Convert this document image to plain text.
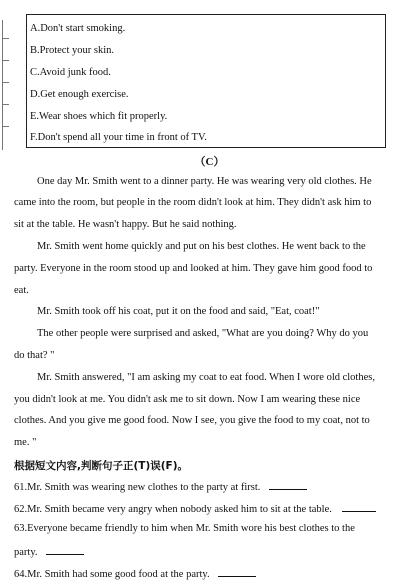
A.Don't start smoking.
B.Protect your skin.
C.Avoid junk food.
D.Get enough exercise.
E.Wear shoes which fit properly.
F.Don't spend all your time in front of TV.
（C）
One day Mr. Smith went to a dinner party. He was wearing very old clothes. He
came into the room, but people in the room didn't look at him. They didn't ask him to
sit at the table. He wasn't happy. But he said nothing.
Mr. Smith went home quickly and put on his best clothes. He went back to the
party. Everyone in the room stood up and looked at him. They gave him good food to
eat.
Mr. Smith took off his coat, put it on the food and said, "Eat, coat!"
The other people were surprised and asked, "What are you doing? Why do you
do that? "
Mr. Smith answered, "I am asking my coat to eat food. When I wore old clothes,
you didn't look at me. You didn't ask me to sit down. Now I am wearing these nice
clothes. And you give me good food. Now I see, you give the food to my coat, not to
me. "
根据短文内容,判断句子正(T)误(F)。
61.Mr. Smith was wearing new clothes to the party at first.
62.Mr. Smith became very angry when nobody asked him to sit at the table.
63.Everyone became friendly to him when Mr. Smith wore his best clothes to the
party.
64.Mr. Smith had some good food at the party.
